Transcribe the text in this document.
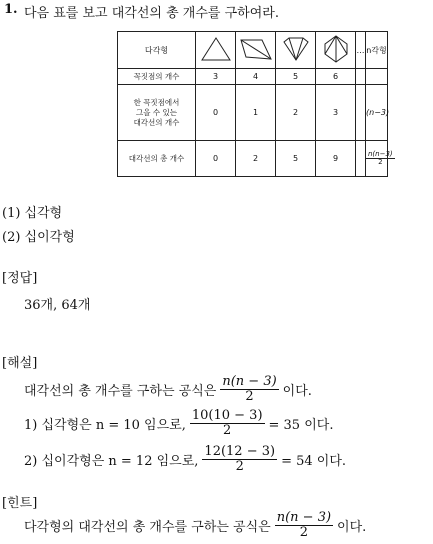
1. 다음 표를 보고 대각선의 총 개수를 구하여라.
다각형					…	n각형
꼭짓점의 개수	3	4	5	6		

한 꼭짓점에서
그을 수 있는
대각선의 개수	0	1	2	3		(n−3)
대각선의 총 개수	0	2	5	9		$\frac{n(n-3)}{2}$
(1) 십각형
(2) 십이각형
[정답]
36개, 64개
[해설]
대각선의 총 개수를 구하는 공식은 $\frac{n(n - 3)}{2}$ 이다.
1) 십각형은 n = 10 임으로, $\frac{10(10 - 3)}{2} = 35$ 이다.
2) 십이각형은 n = 12 임으로, $\frac{12(12 - 3)}{2} = 54$ 이다.
[힌트]
다각형의 대각선의 총 개수를 구하는 공식은 $\frac{n(n - 3)}{2}$ 이다.
